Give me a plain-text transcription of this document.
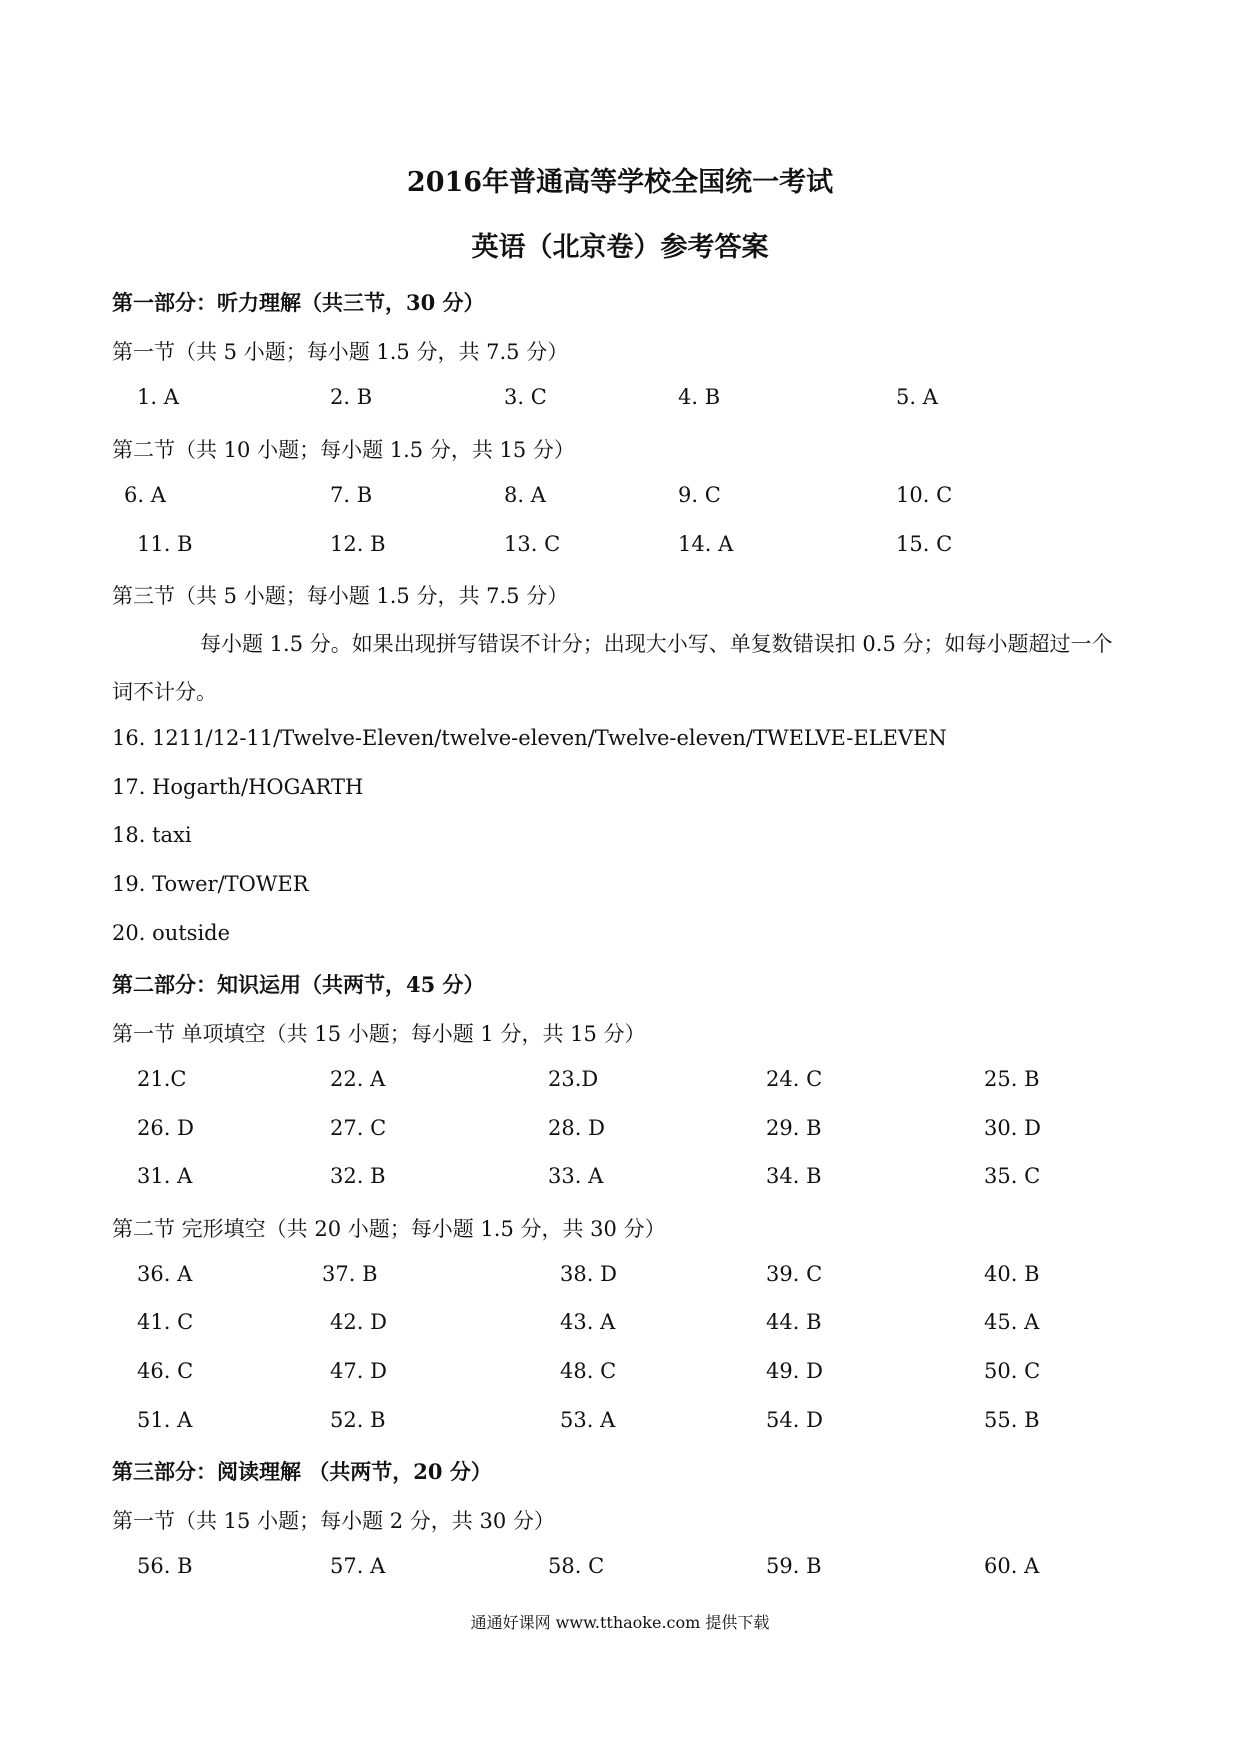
2016年普通高等学校全国统一考试
英语（北京卷）参考答案
第一部分：听力理解（共三节，30 分）
第一节（共 5 小题；每小题 1.5 分，共 7.5 分）
1. A	2. B	3. C	4. B	5. A
第二节（共 10 小题；每小题 1.5 分，共 15 分）
6. A	7. B	8. A	9. C	10. C
11. B	12. B	13. C	14. A	15. C
第三节（共 5 小题；每小题 1.5 分，共 7.5 分）
每小题 1.5 分。如果出现拼写错误不计分；出现大小写、单复数错误扣 0.5 分；如每小题超过一个词不计分。
16. 1211/12-11/Twelve-Eleven/twelve-eleven/Twelve-eleven/TWELVE-ELEVEN
17. Hogarth/HOGARTH
18. taxi
19. Tower/TOWER
20. outside
第二部分：知识运用（共两节，45 分）
第一节 单项填空（共 15 小题；每小题 1 分，共 15 分）
21.C	22. A	23.D	24. C	25. B
26. D	27. C	28. D	29. B	30. D
31. A	32. B	33. A	34. B	35. C
第二节 完形填空（共 20 小题；每小题 1.5 分，共 30 分）
36. A	37. B	38. D	39. C	40. B
41. C	42. D	43. A	44. B	45. A
46. C	47. D	48. C	49. D	50. C
51. A	52. B	53. A	54. D	55. B
第三部分：阅读理解 （共两节，20 分）
第一节（共 15 小题；每小题 2 分，共 30 分）
56. B	57. A	58. C	59. B	60. A
通通好课网 www.tthaoke.com 提供下载
